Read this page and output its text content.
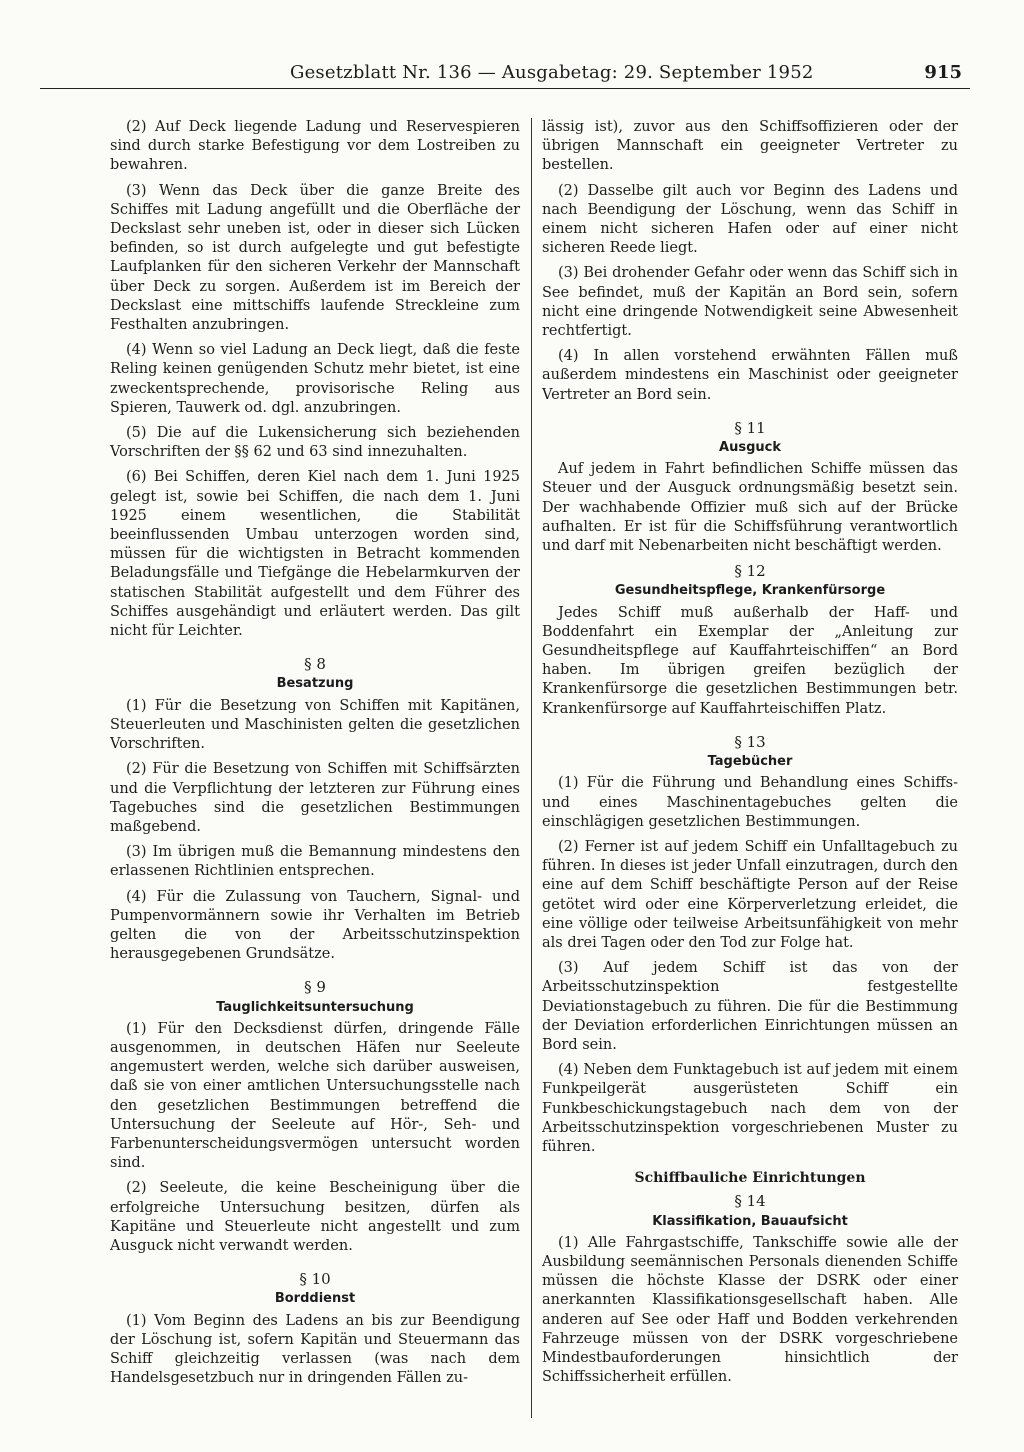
Gesetzblatt Nr. 136 — Ausgabetag: 29. September 1952	915

(2) Auf Deck liegende Ladung und Reservespieren sind durch starke Befestigung vor dem Lostreiben zu bewahren.

(3) Wenn das Deck über die ganze Breite des Schiffes mit Ladung angefüllt und die Oberfläche der Deckslast sehr uneben ist, oder in dieser sich Lücken befinden, so ist durch aufgelegte und gut befestigte Laufplanken für den sicheren Verkehr der Mannschaft über Deck zu sorgen. Außerdem ist im Bereich der Deckslast eine mittschiffs laufende Streckleine zum Festhalten anzubringen.

(4) Wenn so viel Ladung an Deck liegt, daß die feste Reling keinen genügenden Schutz mehr bietet, ist eine zweckentsprechende, provisorische Reling aus Spieren, Tauwerk od. dgl. anzubringen.

(5) Die auf die Lukensicherung sich beziehenden Vorschriften der §§ 62 und 63 sind innezuhalten.

(6) Bei Schiffen, deren Kiel nach dem 1. Juni 1925 gelegt ist, sowie bei Schiffen, die nach dem 1. Juni 1925 einem wesentlichen, die Stabilität beeinflussenden Umbau unterzogen worden sind, müssen für die wichtigsten in Betracht kommenden Beladungsfälle und Tiefgänge die Hebelarmkurven der statischen Stabilität aufgestellt und dem Führer des Schiffes ausgehändigt und erläutert werden. Das gilt nicht für Leichter.

§ 8
Besatzung

(1) Für die Besetzung von Schiffen mit Kapitänen, Steuerleuten und Maschinisten gelten die gesetzlichen Vorschriften.

(2) Für die Besetzung von Schiffen mit Schiffsärzten und die Verpflichtung der letzteren zur Führung eines Tagebuches sind die gesetzlichen Bestimmungen maßgebend.

(3) Im übrigen muß die Bemannung mindestens den erlassenen Richtlinien entsprechen.

(4) Für die Zulassung von Tauchern, Signal- und Pumpenvormännern sowie ihr Verhalten im Betrieb gelten die von der Arbeitsschutzinspektion herausgegebenen Grundsätze.

§ 9
Tauglichkeitsuntersuchung

(1) Für den Decksdienst dürfen, dringende Fälle ausgenommen, in deutschen Häfen nur Seeleute angemustert werden, welche sich darüber ausweisen, daß sie von einer amtlichen Untersuchungsstelle nach den gesetzlichen Bestimmungen betreffend die Untersuchung der Seeleute auf Hör-, Seh- und Farbenunterscheidungsvermögen untersucht worden sind.

(2) Seeleute, die keine Bescheinigung über die erfolgreiche Untersuchung besitzen, dürfen als Kapitäne und Steuerleute nicht angestellt und zum Ausguck nicht verwandt werden.

§ 10
Borddienst

(1) Vom Beginn des Ladens an bis zur Beendigung der Löschung ist, sofern Kapitän und Steuermann das Schiff gleichzeitig verlassen (was nach dem Handelsgesetzbuch nur in dringenden Fällen zu-

lässig ist), zuvor aus den Schiffsoffizieren oder der übrigen Mannschaft ein geeigneter Vertreter zu bestellen.

(2) Dasselbe gilt auch vor Beginn des Ladens und nach Beendigung der Löschung, wenn das Schiff in einem nicht sicheren Hafen oder auf einer nicht sicheren Reede liegt.

(3) Bei drohender Gefahr oder wenn das Schiff sich in See befindet, muß der Kapitän an Bord sein, sofern nicht eine dringende Notwendigkeit seine Abwesenheit rechtfertigt.

(4) In allen vorstehend erwähnten Fällen muß außerdem mindestens ein Maschinist oder geeigneter Vertreter an Bord sein.

§ 11
Ausguck

Auf jedem in Fahrt befindlichen Schiffe müssen das Steuer und der Ausguck ordnungsmäßig besetzt sein. Der wachhabende Offizier muß sich auf der Brücke aufhalten. Er ist für die Schiffsführung verantwortlich und darf mit Nebenarbeiten nicht beschäftigt werden.

§ 12
Gesundheitspflege, Krankenfürsorge

Jedes Schiff muß außerhalb der Haff- und Boddenfahrt ein Exemplar der „Anleitung zur Gesundheitspflege auf Kauffahrteischiffen“ an Bord haben. Im übrigen greifen bezüglich der Krankenfürsorge die gesetzlichen Bestimmungen betr. Krankenfürsorge auf Kauffahrteischiffen Platz.

§ 13
Tagebücher

(1) Für die Führung und Behandlung eines Schiffs- und eines Maschinentagebuches gelten die einschlägigen gesetzlichen Bestimmungen.

(2) Ferner ist auf jedem Schiff ein Unfalltagebuch zu führen. In dieses ist jeder Unfall einzutragen, durch den eine auf dem Schiff beschäftigte Person auf der Reise getötet wird oder eine Körperverletzung erleidet, die eine völlige oder teilweise Arbeitsunfähigkeit von mehr als drei Tagen oder den Tod zur Folge hat.

(3) Auf jedem Schiff ist das von der Arbeitsschutzinspektion festgestellte Deviationstagebuch zu führen. Die für die Bestimmung der Deviation erforderlichen Einrichtungen müssen an Bord sein.

(4) Neben dem Funktagebuch ist auf jedem mit einem Funkpeilgerät ausgerüsteten Schiff ein Funkbeschickungstagebuch nach dem von der Arbeitsschutzinspektion vorgeschriebenen Muster zu führen.

Schiffbauliche Einrichtungen
§ 14
Klassifikation, Bauaufsicht

(1) Alle Fahrgastschiffe, Tankschiffe sowie alle der Ausbildung seemännischen Personals dienenden Schiffe müssen die höchste Klasse der DSRK oder einer anerkannten Klassifikationsgesellschaft haben. Alle anderen auf See oder Haff und Bodden verkehrenden Fahrzeuge müssen von der DSRK vorgeschriebene Mindestbauforderungen hinsichtlich der Schiffssicherheit erfüllen.
